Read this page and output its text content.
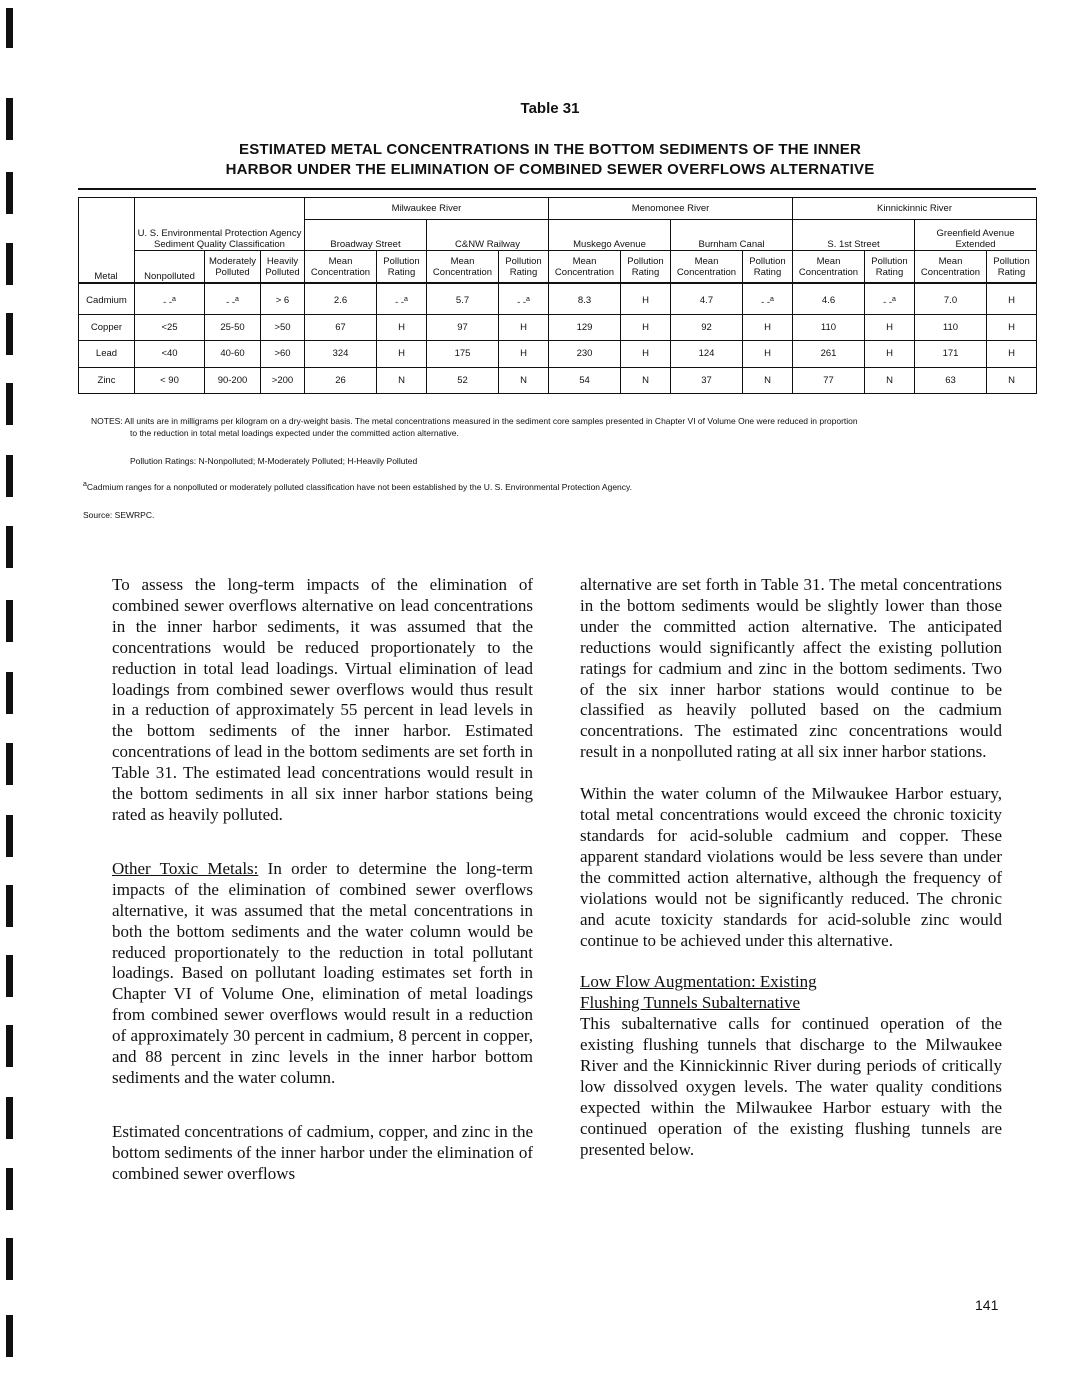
Table 31
ESTIMATED METAL CONCENTRATIONS IN THE BOTTOM SEDIMENTS OF THE INNER
HARBOR UNDER THE ELIMINATION OF COMBINED SEWER OVERFLOWS ALTERNATIVE
	U. S. Environmental Protection Agency Sediment Quality Classification			Milwaukee River				Menomonee River				Kinnickinnic River			
				Broadway Street		C&NW Railway		Muskego Avenue		Burnham Canal		S. 1st Street		Greenfield Avenue Extended	
	Nonpolluted	Moderately Polluted	Heavily Polluted	Mean Concentration	Pollution Rating	Mean Concentration	Pollution Rating	Mean Concentration	Pollution Rating	Mean Concentration	Pollution Rating	Mean Concentration	Pollution Rating	Mean Concentration	Pollution Rating

Cadmium	- -$^a$	- -$^a$	> 6	2.6	- -$^a$	5.7	- -$^a$	8.3	H	4.7	- -$^a$	4.6	- -$^a$	7.0	H
Copper	<25	25-50	>50	67	H	97	H	129	H	92	H	110	H	110	H
Lead	<40	40-60	>60	324	H	175	H	230	H	124	H	261	H	171	H
Zinc	< 90	90-200	>200	26	N	52	N	54	N	37	N	77	N	63	N
Metal
NOTES: All units are in milligrams per kilogram on a dry-weight basis. The metal concentrations measured in the sediment core samples presented in Chapter VI of Volume One were reduced in proportion
to the reduction in total metal loadings expected under the committed action alternative.
Pollution Ratings: N-Nonpolluted; M-Moderately Polluted; H-Heavily Polluted
$^a$Cadmium ranges for a nonpolluted or moderately polluted classification have not been established by the U. S. Environmental Protection Agency.
Source: SEWRPC.

To assess the long-term impacts of the elimination of combined sewer overflows alternative on lead concentrations in the inner harbor sediments, it was assumed that the concentrations would be reduced proportionately to the reduction in total lead loadings. Virtual elimination of lead loadings from combined sewer overflows would thus result in a reduction of approximately 55 percent in lead levels in the bottom sediments of the inner harbor. Estimated concentrations of lead in the bottom sediments are set forth in Table 31. The estimated lead concentrations would result in the bottom sediments in all six inner harbor stations being rated as heavily polluted.

Other Toxic Metals: In order to determine the long-term impacts of the elimination of combined sewer overflows alternative, it was assumed that the metal concentrations in both the bottom sediments and the water column would be reduced proportionately to the reduction in total pollutant loadings. Based on pollutant loading estimates set forth in Chapter VI of Volume One, elimination of metal loadings from combined sewer overflows would result in a reduction of approximately 30 percent in cadmium, 8 percent in copper, and 88 percent in zinc levels in the inner harbor bottom sediments and the water column.

Estimated concentrations of cadmium, copper, and zinc in the bottom sediments of the inner harbor under the elimination of combined sewer overflows

alternative are set forth in Table 31. The metal concentrations in the bottom sediments would be slightly lower than those under the committed action alternative. The anticipated reductions would significantly affect the existing pollution ratings for cadmium and zinc in the bottom sediments. Two of the six inner harbor stations would continue to be classified as heavily polluted based on the cadmium concentrations. The estimated zinc concentrations would result in a nonpolluted rating at all six inner harbor stations.

Within the water column of the Milwaukee Harbor estuary, total metal concentrations would exceed the chronic toxicity standards for acid-soluble cadmium and copper. These apparent standard violations would be less severe than under the committed action alternative, although the frequency of violations would not be significantly reduced. The chronic and acute toxicity standards for acid-soluble zinc would continue to be achieved under this alternative.

Low Flow Augmentation: Existing
Flushing Tunnels Subalternative

This subalternative calls for continued operation of the existing flushing tunnels that discharge to the Milwaukee River and the Kinnickinnic River during periods of critically low dissolved oxygen levels. The water quality conditions expected within the Milwaukee Harbor estuary with the continued operation of the existing flushing tunnels are presented below.

141
